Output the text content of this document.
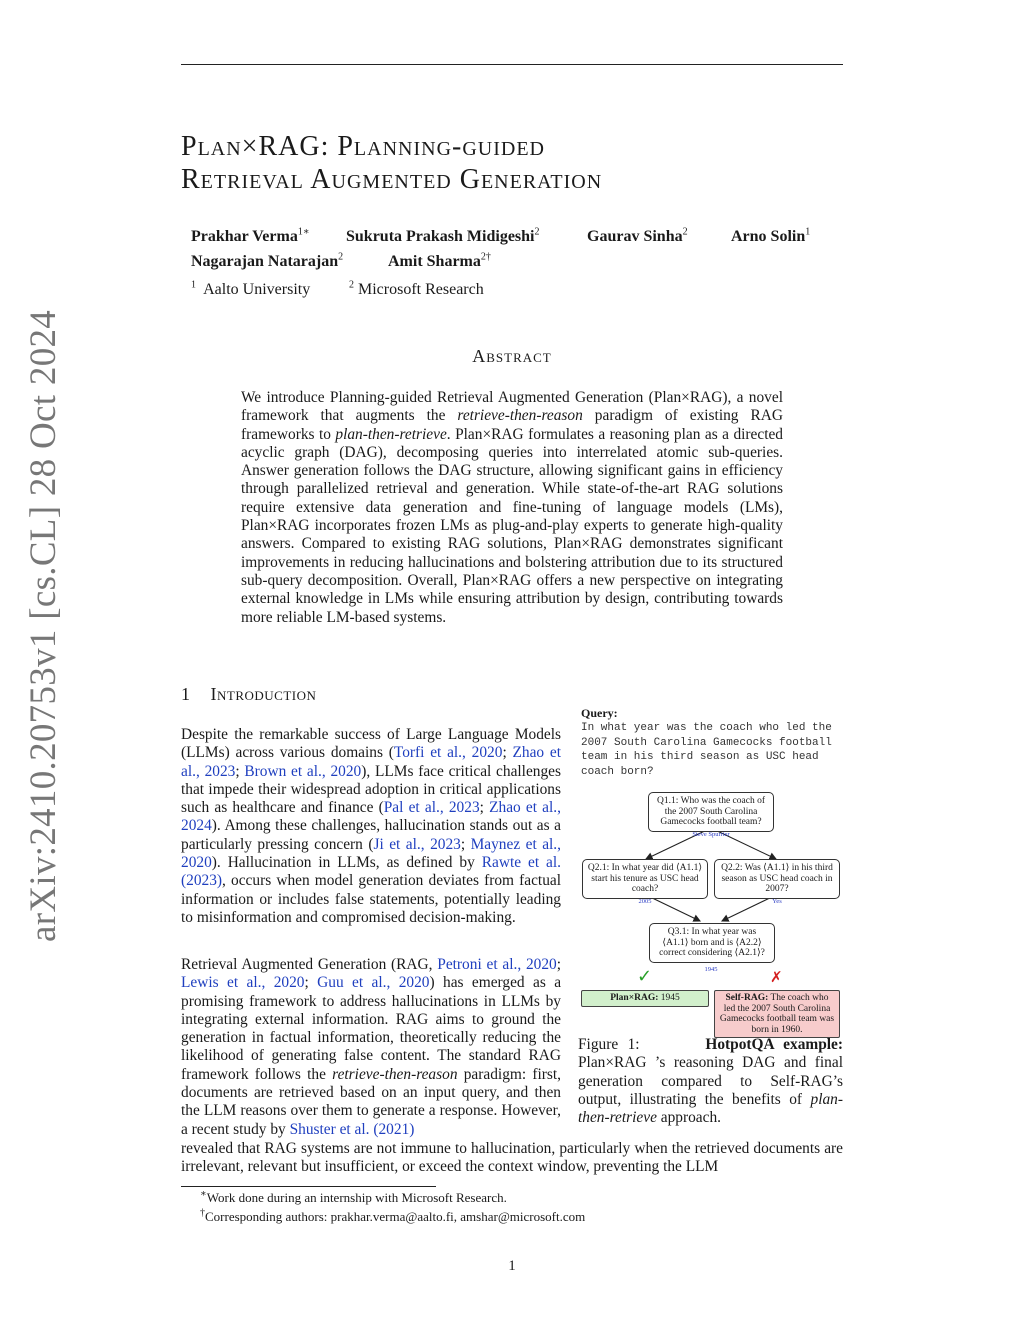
arXiv:2410.20753v1 [cs.CL] 28 Oct 2024
Plan×RAG: Planning-guided
Retrieval Augmented Generation
Prakhar Verma$^{1∗}$ Sukruta Prakash Midigeshi$^2$	Gaurav Sinha$^2$	Arno Solin$^1$
Nagarajan Natarajan$^2$	Amit Sharma$^{2\dagger}$
$^1$ Aalto University	$^2$ Microsoft Research
Abstract
We introduce Planning-guided Retrieval Augmented Generation (Plan×RAG), a novel framework that augments the retrieve-then-reason paradigm of existing RAG frameworks to plan-then-retrieve. Plan×RAG formulates a reasoning plan as a directed acyclic graph (DAG), decomposing queries into interrelated atomic sub-queries. Answer generation follows the DAG structure, allowing significant gains in efficiency through parallelized retrieval and generation. While state-of-the-art RAG solutions require extensive data generation and fine-tuning of language models (LMs), Plan×RAG incorporates frozen LMs as plug-and-play experts to generate high-quality answers. Compared to existing RAG solutions, Plan×RAG demonstrates significant improvements in reducing hallucinations and bolstering attribution due to its structured sub-query decomposition. Overall, Plan×RAG offers a new perspective on integrating external knowledge in LMs while ensuring attribution by design, contributing towards more reliable LM-based systems.
1 Introduction
Despite the remarkable success of Large Language Models (LLMs) across various domains (Torfi et al., 2020; Zhao et al., 2023; Brown et al., 2020), LLMs face critical challenges that impede their widespread adoption in critical applications such as healthcare and finance (Pal et al., 2023; Zhao et al., 2024). Among these challenges, hallucination stands out as a particularly pressing concern (Ji et al., 2023; Maynez et al., 2020). Hallucination in LLMs, as defined by Rawte et al. (2023), occurs when model generation deviates from factual information or includes false statements, potentially leading to misinformation and compromised decision-making.
Retrieval Augmented Generation (RAG, Petroni et al., 2020; Lewis et al., 2020; Guu et al., 2020) has emerged as a promising framework to address hallucinations in LLMs by integrating external information. RAG aims to ground the generation in factual information, theoretically reducing the likelihood of generating false content. The standard RAG framework follows the retrieve-then-reason paradigm: first, documents are retrieved based on an input query, and then the LLM reasons over them to generate a response. However, a recent study by Shuster et al. (2021)
revealed that RAG systems are not immune to hallucination, particularly when the retrieved documents are irrelevant, relevant but insufficient, or exceed the context window, preventing the LLM
Query:
In what year was the coach who led the 2007 South Carolina Gamecocks football team in his third season as USC head coach born?
Q1.1: Who was the coach of the 2007 South Carolina Gamecocks football team?
Steve Spurrier
Q2.1: In what year did ⟨A1.1⟩ start his tenure as USC head coach?
Q2.2: Was ⟨A1.1⟩ in his third season as USC head coach in 2007?
2005	Yes
Q3.1: In what year was ⟨A1.1⟩ born and is ⟨A2.2⟩ correct considering ⟨A2.1⟩?
1945
✓	✗
Plan×RAG: 1945	Self-RAG: The coach who led the 2007 South Carolina Gamecocks football team was born in 1960.
Figure 1:	HotpotQA example: Plan×RAG ’s reasoning DAG and final generation compared to Self-RAG’s output, illustrating the benefits of plan-then-retrieve approach.
∗Work done during an internship with Microsoft Research.
†Corresponding authors: prakhar.verma@aalto.fi, amshar@microsoft.com
1
